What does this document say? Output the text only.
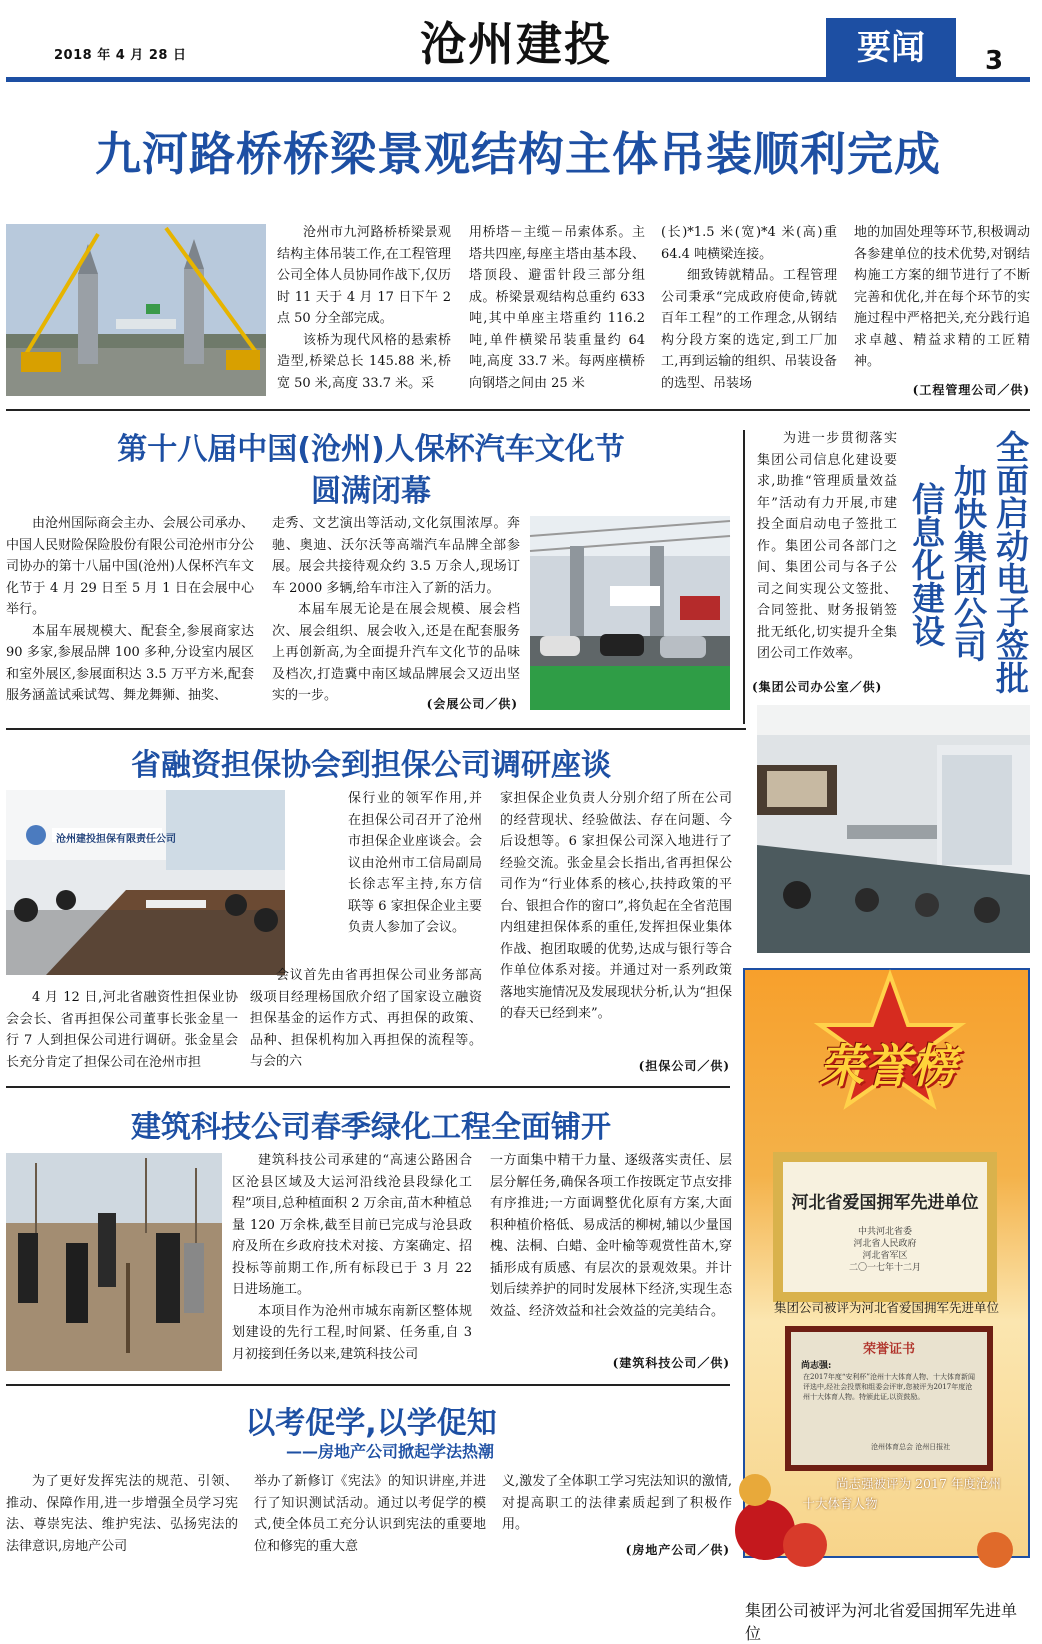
2018 年 4 月 28 日	沧州建投	要闻	3
九河路桥桥梁景观结构主体吊装顺利完成

沧州市九河路桥桥梁景观结构主体吊装工作,在工程管理公司全体人员协同作战下,仅历时 11 天于 4 月 17 日下午 2 点 50 分全部完成。

该桥为现代风格的悬索桥造型,桥梁总长 145.88 米,桥宽 50 米,高度 33.7 米。采

用桥塔－主缆－吊索体系。主塔共四座,每座主塔由基本段、塔顶段、避雷针段三部分组成。桥梁景观结构总重约 633 吨,其中单座主塔重约 116.2 吨,单件横梁吊装重量约 64 吨,高度 33.7 米。每两座横桥向钢塔之间由 25 米
(长)*1.5 米(宽)*4 米(高)重 64.4 吨横梁连接。

细致铸就精品。工程管理公司秉承“完成政府使命,铸就百年工程”的工作理念,从钢结构分段方案的选定,到工厂加工,再到运输的组织、吊装设备的选型、吊装场

地的加固处理等环节,积极调动各参建单位的技术优势,对钢结构施工方案的细节进行了不断完善和优化,并在每个环节的实施过程中严格把关,充分践行追求卓越、精益求精的工匠精神。
(工程管理公司／供)
第十八届中国(沧州)人保杯汽车文化节
圆满闭幕

由沧州国际商会主办、会展公司承办、中国人民财险保险股份有限公司沧州市分公司协办的第十八届中国(沧州)人保杯汽车文化节于 4 月 29 日至 5 月 1 日在会展中心举行。

本届车展规模大、配套全,参展商家达 90 多家,参展品牌 100 多种,分设室内展区和室外展区,参展面积达 3.5 万平方米,配套服务涵盖试乘试驾、舞龙舞狮、抽奖、

走秀、文艺演出等活动,文化氛围浓厚。奔驰、奥迪、沃尔沃等高端汽车品牌全部参展。展会共接待观众约 3.5 万余人,现场订车 2000 多辆,给车市注入了新的活力。

本届车展无论是在展会规模、展会档次、展会组织、展会收入,还是在配套服务上再创新高,为全面提升汽车文化节的品味及档次,打造冀中南区域品牌展会又迈出坚实的一步。

(会展公司／供)

为进一步贯彻落实集团公司信息化建设要求,助推“管理质量效益年”活动有力开展,市建投全面启动电子签批工作。集团公司各部门之间、集团公司与各子公司之间实现公文签批、合同签批、财务报销签批无纸化,切实提升全集团公司工作效率。

(集团公司办公室／供)	全面启动电子签批
加快集团公司
信息化建设
省融资担保协会到担保公司调研座谈
沧州建投担保有限责任公司

4 月 12 日,河北省融资性担保业协会会长、省再担保公司董事长张金星一行 7 人到担保公司进行调研。张金星会长充分肯定了担保公司在沧州市担

保行业的领军作用,并在担保公司召开了沧州市担保企业座谈会。会议由沧州市工信局副局长徐志军主持,东方信联等 6 家担保企业主要负责人参加了会议。

会议首先由省再担保公司业务部高级项目经理杨国欣介绍了国家设立融资担保基金的运作方式、再担保的政策、品种、担保机构加入再担保的流程等。与会的六

家担保企业负责人分别介绍了所在公司的经营现状、经验做法、存在问题、今后设想等。6 家担保公司深入地进行了经验交流。张金星会长指出,省再担保公司作为“行业体系的核心,扶持政策的平台、银担合作的窗口”,将负起在全省范围内组建担保体系的重任,发挥担保业集体作战、抱团取暖的优势,达成与银行等合作单位体系对接。并通过对一系列政策落地实施情况及发展现状分析,认为“担保的春天已经到来”。
(担保公司／供)
建筑科技公司春季绿化工程全面铺开

建筑科技公司承建的“高速公路困合区沧县区域及大运河沿线沧县段绿化工程”项目,总种植面积 2 万余亩,苗木种植总量 120 万余株,截至目前已完成与沧县政府及所在乡政府技术对接、方案确定、招投标等前期工作,所有标段已于 3 月 22 日进场施工。

本项目作为沧州市城东南新区整体规划建设的先行工程,时间紧、任务重,自 3 月初接到任务以来,建筑科技公司

一方面集中精干力量、逐级落实责任、层层分解任务,确保各项工作按既定节点安排有序推进;一方面调整优化原有方案,大面积种植价格低、易成活的柳树,辅以少量国槐、法桐、白蜡、金叶榆等观赏性苗木,穿插形成有质感、有层次的景观效果。并计划后续养护的同时发展林下经济,实现生态效益、经济效益和社会效益的完美结合。
(建筑科技公司／供)
以考促学,以学促知
——房地产公司掀起学法热潮

为了更好发挥宪法的规范、引领、推动、保障作用,进一步增强全员学习宪法、尊崇宪法、维护宪法、弘扬宪法的法律意识,房地产公司

举办了新修订《宪法》的知识讲座,并进行了知识测试活动。通过以考促学的模式,使全体员工充分认识到宪法的重要地位和修宪的重大意
义,激发了全体职工学习宪法知识的激情,对提高职工的法律素质起到了积极作用。
(房地产公司／供)
荣誉榜
河北省爱国拥军先进单位
中共河北省委
河北省人民政府
河北省军区
二〇一七年十二月
集团公司被评为河北省爱国拥军先进单位
集团公司被评为河北省爱国拥军先进单位
荣誉证书
尚志强:
在2017年度“安利杯”沧州十大体育人物、十大体育新闻评选中,经社会投票和组委会评审,您被评为2017年度沧州十大体育人物。特颁此证,以资鼓励。
沧州体育总会 沧州日报社
尚志强被评为 2017 年度沧州
十大体育人物
